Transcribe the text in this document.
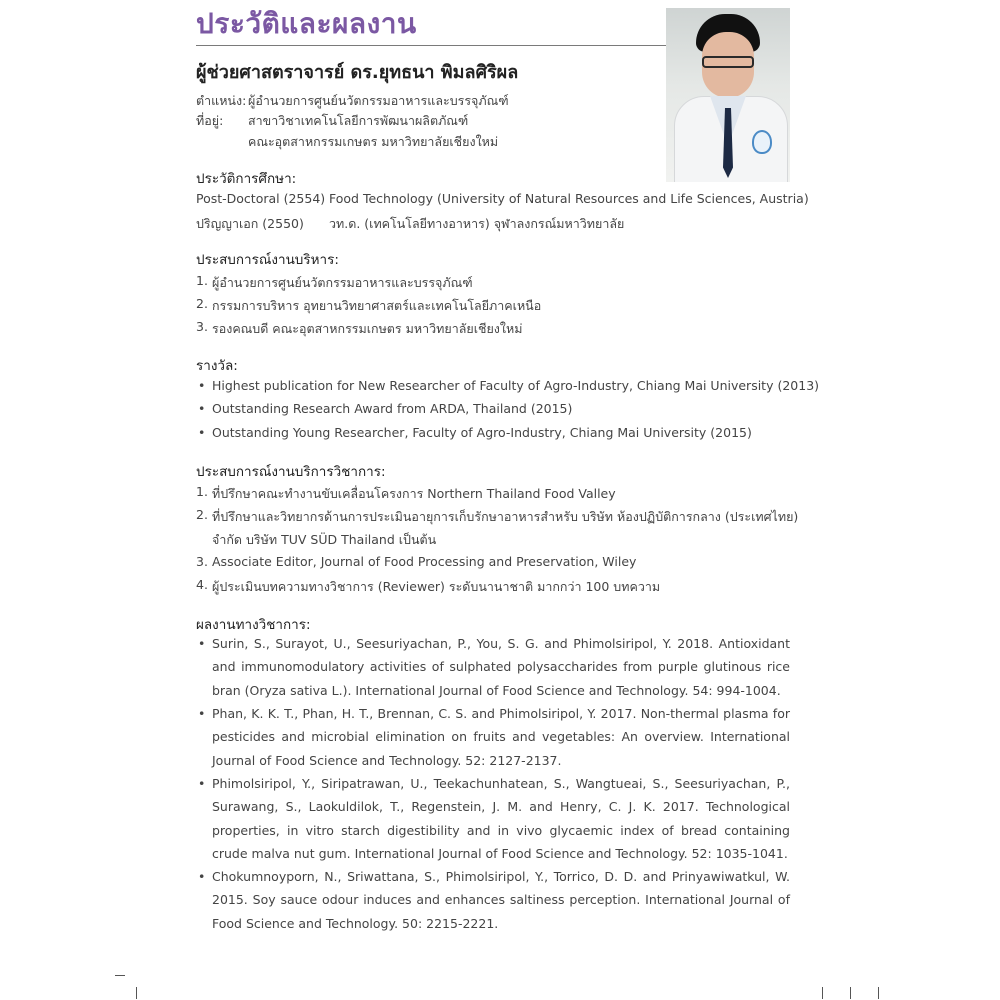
ประวัติและผลงาน
ผู้ช่วยศาสตราจารย์ ดร.ยุทธนา พิมลศิริผล
ตำแหน่ง: ผู้อำนวยการศูนย์นวัตกรรมอาหารและบรรจุภัณฑ์
ที่อยู่: สาขาวิชาเทคโนโลยีการพัฒนาผลิตภัณฑ์
คณะอุตสาหกรรมเกษตร มหาวิทยาลัยเชียงใหม่
ประวัติการศึกษา:
Post-Doctoral (2554) Food Technology (University of Natural Resources and Life Sciences, Austria)
ปริญญาเอก (2550) วท.ด. (เทคโนโลยีทางอาหาร) จุฬาลงกรณ์มหาวิทยาลัย
ประสบการณ์งานบริหาร:
1. ผู้อำนวยการศูนย์นวัตกรรมอาหารและบรรจุภัณฑ์
2. กรรมการบริหาร อุทยานวิทยาศาสตร์และเทคโนโลยีภาคเหนือ
3. รองคณบดี คณะอุตสาหกรรมเกษตร มหาวิทยาลัยเชียงใหม่
รางวัล:
• Highest publication for New Researcher of Faculty of Agro-Industry, Chiang Mai University (2013)
• Outstanding Research Award from ARDA, Thailand (2015)
• Outstanding Young Researcher, Faculty of Agro-Industry, Chiang Mai University (2015)
ประสบการณ์งานบริการวิชาการ:
1. ที่ปรึกษาคณะทำงานขับเคลื่อนโครงการ Northern Thailand Food Valley
2. ที่ปรึกษาและวิทยากรด้านการประเมินอายุการเก็บรักษาอาหารสำหรับ บริษัท ห้องปฏิบัติการกลาง (ประเทศไทย)
จำกัด บริษัท TUV SÜD Thailand เป็นต้น
3. Associate Editor, Journal of Food Processing and Preservation, Wiley
4. ผู้ประเมินบทความทางวิชาการ (Reviewer) ระดับนานาชาติ มากกว่า 100 บทความ
ผลงานทางวิชาการ:
• Surin, S., Surayot, U., Seesuriyachan, P., You, S. G. and Phimolsiripol, Y. 2018. Antioxidant and immunomodulatory activities of sulphated polysaccharides from purple glutinous rice bran (Oryza sativa L.). International Journal of Food Science and Technology. 54: 994-1004.
• Phan, K. K. T., Phan, H. T., Brennan, C. S. and Phimolsiripol, Y. 2017. Non-thermal plasma for pesticides and microbial elimination on fruits and vegetables: An overview. International Journal of Food Science and Technology. 52: 2127-2137.
• Phimolsiripol, Y., Siripatrawan, U., Teekachunhatean, S., Wangtueai, S., Seesuriyachan, P., Surawang, S., Laokuldilok, T., Regenstein, J. M. and Henry, C. J. K. 2017. Technological properties, in vitro starch digestibility and in vivo glycaemic index of bread containing crude malva nut gum. International Journal of Food Science and Technology. 52: 1035-1041.
• Chokumnoyporn, N., Sriwattana, S., Phimolsiripol, Y., Torrico, D. D. and Prinyawiwatkul, W. 2015. Soy sauce odour induces and enhances saltiness perception. International Journal of Food Science and Technology. 50: 2215-2221.
